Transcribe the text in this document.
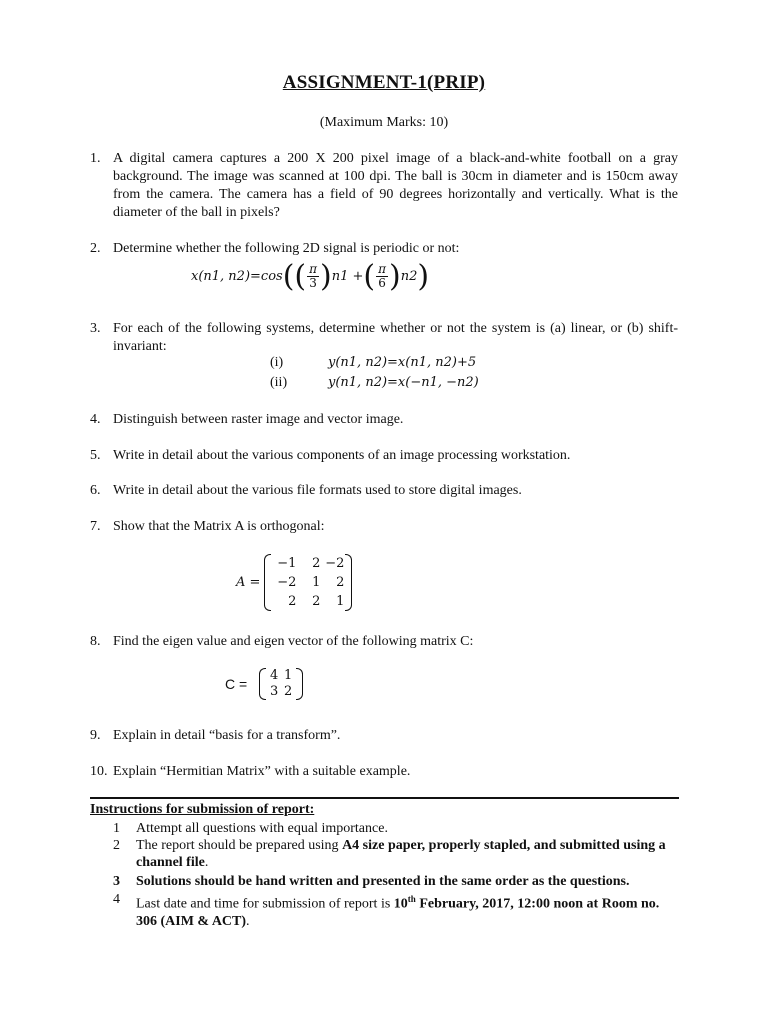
ASSIGNMENT-1(PRIP)
(Maximum Marks: 10)
1. A digital camera captures a 200 X 200 pixel image of a black-and-white football on a gray background. The image was scanned at 100 dpi. The ball is 30cm in diameter and is 150cm away from the camera. The camera has a field of 90 degrees horizontally and vertically. What is the diameter of the ball in pixels?
2. Determine whether the following 2D signal is periodic or not:
x(n1, $n2)=\cos(( \frac{\pi}{3} )n1$ +( $\frac{\pi}{6} )n2$)
3. For each of the following systems, determine whether or not the system is (a) linear, or (b) shift-invariant:
(i)	y(n1, n2)=x(n1, n2)+5
(ii)	y(n1, n2)=x(−n1, −n2)
4. Distinguish between raster image and vector image.
5. Write in detail about the various components of an image processing workstation.
6. Write in detail about the various file formats used to store digital images.
7. Show that the Matrix A is orthogonal:
A =
−1	2 −2
−2	1	2
2	2	1
8. Find the eigen value and eigen vector of the following matrix C:
C =
4 1
3 2
9. Explain in detail “basis for a transform”.
10. Explain “Hermitian Matrix” with a suitable example.
Instructions for submission of report:
1 Attempt all questions with equal importance.
2 The report should be prepared using A4 size paper, properly stapled, and submitted using a channel file.
3 Solutions should be hand written and presented in the same order as the questions.
4 Last date and time for submission of report is 10th February, 2017, 12:00 noon at Room no. 306 (AIM & ACT).
